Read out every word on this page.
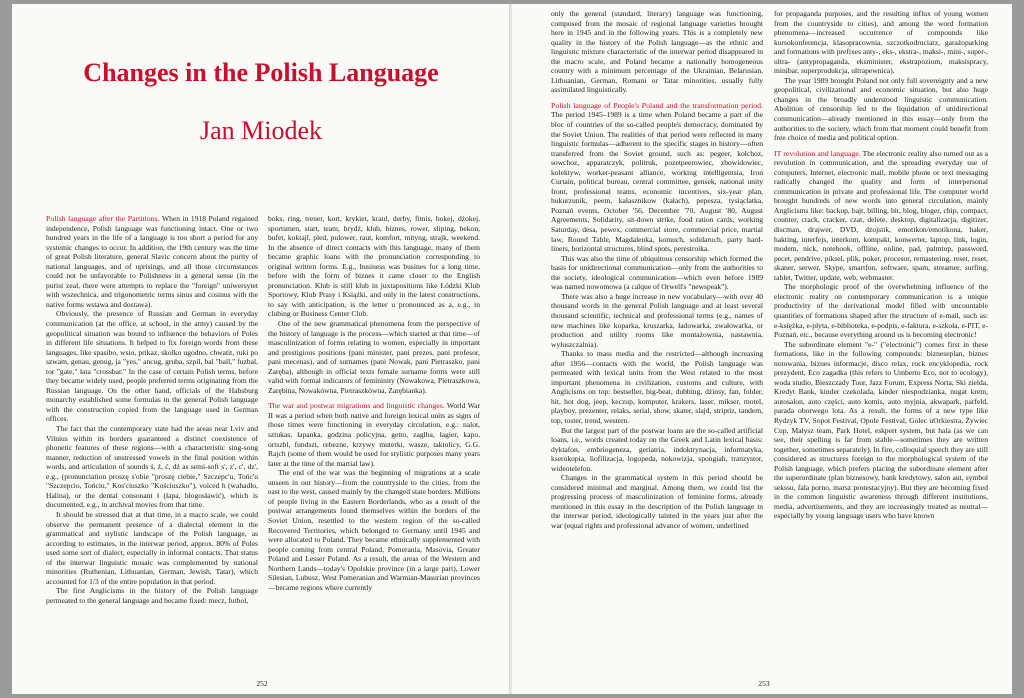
Changes in the Polish Language
Jan Miodek

Polish language after the Partitions. When in 1918 Poland regained independence, Polish language was functioning intact. One or two hundred years in the life of a language is too short a period for any systemic changes to occur. In addition, the 19th century was the time of great Polish literature, general Slavic concern about the purity of national languages, and of uprisings, and all those circumstances could not be unfavorable to Polishness in a general sense (in the purist zeal, there were attempts to replace the "foreign" uniwersytet with wszechnica, and trigonometric terms sinus and cosinus with the native forms wstawa and dostawa).

Obviously, the presence of Russian and German in everyday communication (at the office, at school, in the army) caused by the geopolitical situation was bound to influence the behaviors of Poles in different life situations. It helped to fix foreign words from these languages, like spasibo, wsio, prikaz, skolko ugodno, chwatit, ruki po szwam, genau, genug, ja "yes," ancug, gruba, szpil, bal "ball," fuzbal, tor "gate," łata "crossbar." In the case of certain Polish terms, before they became widely used, people preferred terms originating from the Russian language. On the other hand, officials of the Habsburg monarchy established some formulas in the general Polish language with the construction copied from the language used in German offices.

The fact that the contemporary state had the areas near Lviv and Vilnius within its borders guaranteed a distinct coexistence of phonetic features of these regions—with a characteristic sing-song manner, reduction of unstressed vowels in the final position within words, and articulation of sounds ś, ź, ć, dź as semi-soft s', z', c', dz', e.g., (pronunciation proszę s'obie "proszę ciebie," Szczepc'u, Tońc'u "Szczepcio, Tońciu," Kos'ciuszko "Kościuszko"), voiced h (wahadło, Halina), or the dental consonant ł (łapa, błogosławić), which is documented, e.g., in archival movies from that time.

It should be stressed that at that time, in a macro scale, we could observe the permanent presence of a dialectal element in the grammatical and stylistic landscape of the Polish language, as according to estimates, in the interwar period, approx. 80% of Poles used some sort of dialect, especially in informal contacts. That status of the interwar linguistic mosaic was complemented by national minorities (Ruthenian, Lithuanian, German, Jewish, Tatar), which accounted for 1/3 of the entire population in that period.

The first Anglicisms in the history of the Polish language permeated to the general language and became fixed: mecz, futbol,

boks, ring, trener, kort, krykiet, kraul, derby, fitnis, hokej, dżokej, sportsmen, start, team, brydż, klub, biznes, rower, sliping, bekon, bufet, koktajl, pled, pulower, raut, komfort, mityng, strajk, weekend. In the absence of direct contacts with this language, many of them became graphic loans with the pronunciation corresponding to original written forms. E.g., business was busines for a long time, before with the form of biznes it came closer to the English pronunciation. Klub is still klub in juxtapositions like Łódzki Klub Sportowy, Klub Prasy i Książki, and only in the latest constructions, to say with anticipation, is the letter u pronounced as a, e.g., in clubing or Business Center Club.

One of the new grammatical phenomena from the perspective of the history of language is the process—which started at that time—of masculinization of forms relating to women, especially in important and prestigious positions (pani minister, pani prezes, pani profesor, pani mecenas), and of surnames (pani Nowak, pani Pietraszko, pani Zaręba), although in official texts female surname forms were still valid with formal indicators of femininity (Nowakowa, Pietraszkowa, Zarębina, Nowakówna, Pietraszkówna, Zarębianka).

The war and postwar migrations and linguistic changes. World War II was a period when both native and foreign lexical units as signs of those times were functioning in everyday circulation, e.g.: nalot, sztukas, łapanka, godzina policyjna, getto, zagłba, łagier, kapo, ortszbl, fundszt, rebezne, krzywy muterki, wasze, taktolicy, G.G. Rajch (some of them would be used for stylistic purposes many years later at the time of the martial law).

The end of the war was the beginning of migrations at a scale unseen in our history—from the countryside to the cities, from the east to the west, caused mainly by the changed state borders. Millions of people living in the Eastern Borderlands, who as a result of the postwar arrangements found themselves within the borders of the Soviet Union, resettled to the western region of the so-called Recovered Territories, which belonged to Germany until 1945 and were allocated to Poland. They became ethnically supplemented with people coming from central Poland, Pomerania, Masovia, Greater Poland and Lesser Poland. As a result, the areas of the Western and Northern Lands—today's Opolskie province (in a large part), Lower Silesian, Lubusz, West Pomeranian and Warmian-Masurian provinces—became regions where currently

252

only the general (standard, literary) language was functioning, composed from the mosaic of regional language varieties brought here in 1945 and in the following years. This is a completely new quality in the history of the Polish language—as the ethnic and linguistic mixture characteristic of the interwar period disappeared in the macro scale, and Poland became a nationally homogeneous country with a minimum percentage of the Ukrainian, Belarusian, Lithuanian, German, Romani or Tatar minorities, usually fully assimilated linguistically.

Polish language of People's Poland and the transformation period. The period 1945–1989 is a time when Poland became a part of the bloc of countries of the so-called people's democracy, dominated by the Soviet Union. The realities of that period were reflected in many linguistic formulas—adherent to the specific stages in history—often transferred from the Soviet ground, such as: pegeer, kołchoz, sowchoz, apparatczyk, politruk, pozetpeerowiec, zbowidowiec, kolektyw, worker-peasant alliance, working intelligentsia, Iron Curtain, political bureau, central committee, gensek, national unity front, professional teams, economic incentives, six-year plan, hukurzunik, peem, kałasznikow (kałach), pepesza, tysiąclatka, Poznań events, October '56, December '70, August '80, August Agreements, Solidarity, sit-down strike, food ration cards, working Saturday, desa, pewex, commercial store, commercial price, martial law, Round Table, Magdalenka, komuch, solidaruch, party hard-liners, horizontal structures, blind spots, perestroika.

This was also the time of ubiquitous censorship which formed the basis for unidirectional communication—only from the authorities to the society, ideological communication—which even before 1989 was named nowomowa (a calque of Orwell's "newspeak").

There was also a huge increase in new vocabulary—with over 40 thousand words in the general Polish language and at least several thousand scientific, technical and professional terms (e.g., names of new machines like koparka, kruszarka, ładowarka, zwałowarka, or production and utility rooms like montażownia, nastawnia, wyłuszczalnia).

Thanks to mass media and the restricted—although increasing after 1956—contacts with the world, the Polish language was permeated with lexical units from the West related to the most important phenomena in civilization, customs and culture, with Anglicisms on top: bestseller, big-beat, dubbing, dżinsy, fan, folder, hit, hot dog, jeep, keczup, komputer, krakers, laser, mikser, motel, playboy, prezenter, relaks, serial, show, skater, slajd, striptiz, tandem, top, toster, trend, western.

But the largest part of the postwar loans are the so-called artificial loans, i.e., words created today on the Greek and Latin lexical basis: dyktafon, embriogeneza, geriatria, indoktrynacja, informatyka, kserokopia, liofilizacja, logopeda, nokowizja, spongiah, tranzystor, wideotelefon.

Changes in the grammatical system in this period should be considered minimal and marginal. Among them, we could list the progressing process of masculinization of feminine forms, already mentioned in this essay in the description of the Polish language in the interwar period, ideologically tainted in the years just after the war (equal rights and professional advance of women, underlined

for propaganda purposes, and the resulting influx of young women from the countryside to cities), and among the word formation phenomena—increased occurrence of compounds like kursokonferencja, klasopracownia, szczotkodruciarz, garażoparking and formations with prefixes anty-, eks-, ekstra-, maksi-, mini-, super-, ultra- (antypropaganda, eksminister, ekstrapoziom, maksispracy, minibar, superprodukcja, ultrapewnica).

The year 1989 brought Poland not only full sovereignty and a new geopolitical, civilizational and economic situation, but also huge changes in the broadly understood linguistic communication. Abolition of censorship led to the liquidation of unidirectional communication—already mentioned in this essay—only from the authorities to the society, which from that moment could benefit from free choice of media and political option.

IT revolution and language. The electronic reality also turned out as a revolution in communication, and the spreading everyday use of computers, Internet, electronic mail, mobile phone or text messaging radically changed the quality and form of interpersonal communication in private and professional life. The computer world brought hundreds of new words into general circulation, mainly Anglicisms like: backup, bajt, billing, bit, blog, bloger, chip, compact, counter, crack, cracker, czat, delete, desktop, digitalizacja, digitizer, discman, drajwer, DVD, dżojstik, emotikon/emotikona, haker, hakting, interfejs, interkom, kompakt, konwerter, laptop, link, login, modem, nick, notebook, offline, online, pad, palmtop, password, pecet, pendrive, piksel, plik, poker, procesor, remastering, reset, reset, skaner, serwer, Skype, smartfon, software, spam, streamer, surfing, tablet, Twitter, update, web, webmaster.

The morphologic proof of the overwhelming influence of the electronic reality on contemporary communication is a unique productivity of the derivational model filled with uncountable quantities of formations shaped after the structure of e-mail, such as: e-księżka, e-płyta, e-biblioteka, e-podpis, e-faktura, e-szkoła, e-PIT, e-Poznań, etc., because everything around us is becoming electronic!

The subordinate element "e-" ("electronic") comes first in these formations, like in the following compounds: bizneseplan, biznes notowania, biznes informacje, disco relax, rock encyklopedia, rock prezydent, Eco zagadka (this refers to Umberto Eco, not to ecology), woda studio, Bieszczady Tour, Jazz Forum, Express Norta, Ski zielda, Kredyt Bank, kinder czekolada, kinder niespodzianka, nugat krem, autosalon, auto części, auto komis, auto myjnia, akwapark, parfeld, parada oborwego lota. As a result, the forms of a new type like Rydzyk TV, Sopot Festival, Opole Festival, Golec uOrkiestra, Żywiec Cup, Małysz team, Park Hotel, eskpert system, but hala (as we can see, their spelling is far from stable—sometimes they are written together, sometimes separately). In fire, colloquial speech they are still considered as structures foreign to the morphological system of the Polish language, which prefers placing the subordinate element after the superordinate (plan biznesowy, bank kredytowy, salon aut, symbol sekssu, fala porno, marsz protestacyjny). But they are becoming fixed in the common linguistic awareness through different institutions, media, advertisements, and they are increasingly treated as neutral—especially by young language users who have known

253
